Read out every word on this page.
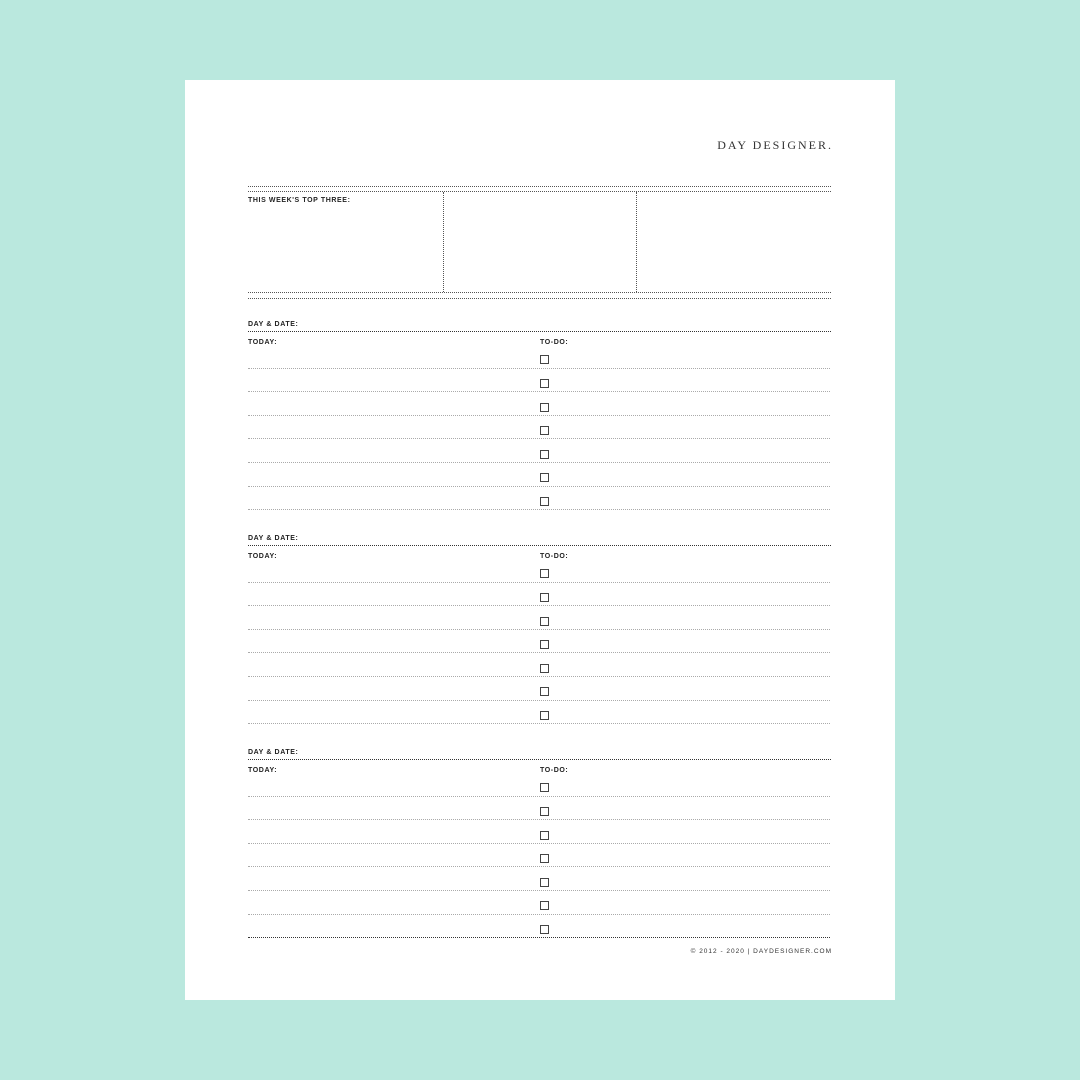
DAY DESIGNER.
THIS WEEK'S TOP THREE:
DAY & DATE:
TODAY:	TO-DO:
DAY & DATE:
TODAY:	TO-DO:
DAY & DATE:
TODAY:	TO-DO:
© 2012 - 2020 | DAYDESIGNER.COM
